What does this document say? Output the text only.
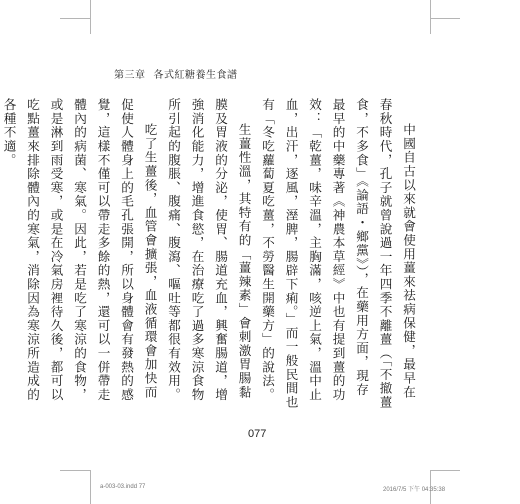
第三章 各式紅糖養生食譜

中國自古以來就會使用薑來祛病保健，最早在春秋時代，孔子就曾說過一年四季不離薑（「不撤薑食，不多食」《論語・鄉黨》），在藥用方面，現存最早的中藥專著《神農本草經》中也有提到薑的功效：「乾薑，味辛溫，主胸滿，咳逆上氣，溫中止血，出汗，逐風，溼脾，腸辟下痢。」而一般民間也有「冬吃蘿蔔夏吃薑，不勞醫生開藥方」的說法。

生薑性溫，其特有的「薑辣素」會刺激胃腸黏膜及胃液的分泌，使胃、腸道充血，興奮腸道，增強消化能力，增進食慾，在治療吃了過多寒涼食物所引起的腹脹、腹痛、腹瀉、嘔吐等都很有效用。

吃了生薑後，血管會擴張，血液循環會加快而促使人體身上的毛孔張開，所以身體會有發熱的感覺，這樣不僅可以帶走多餘的熱，還可以一併帶走體內的病菌、寒氣。因此，若是吃了寒涼的食物，或是淋到雨受寒，或是在冷氣房裡待久後，都可以吃點薑來排除體內的寒氣，消除因為寒涼所造成的各種不適。

077
a-003-03.indd 77	2016/7/5 下午 04:35:38
